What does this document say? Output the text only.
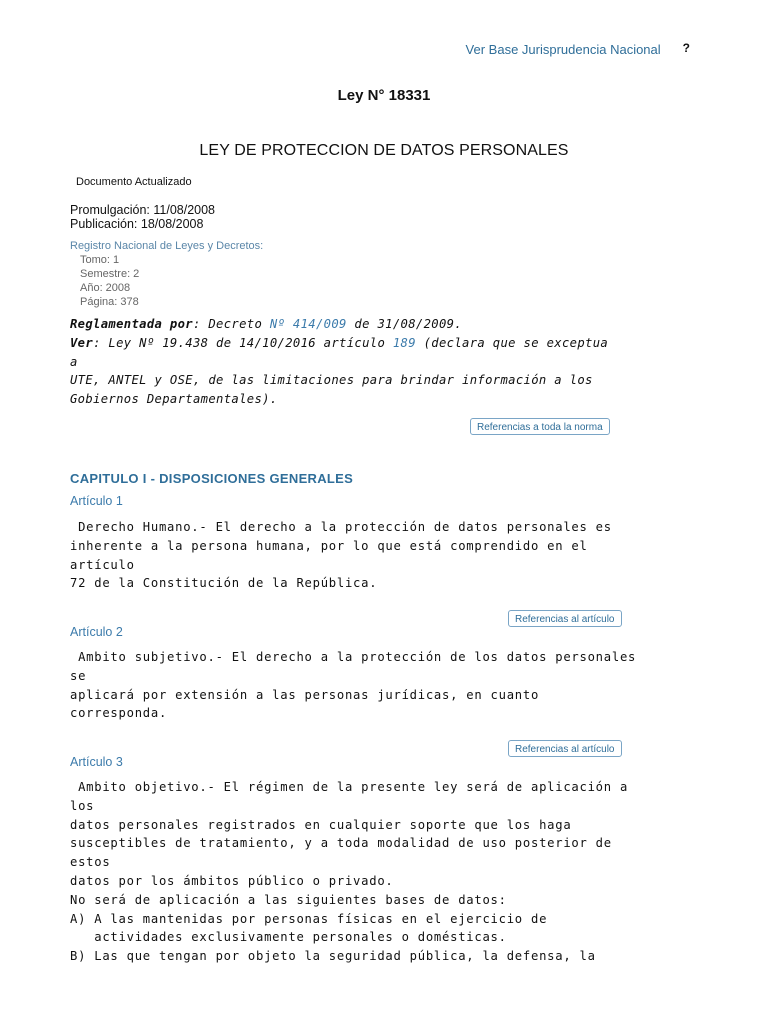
Ver Base Jurisprudencia Nacional ?
Ley N° 18331
LEY DE PROTECCION DE DATOS PERSONALES
Documento Actualizado
Promulgación: 11/08/2008
Publicación: 18/08/2008
Registro Nacional de Leyes y Decretos:
Tomo: 1
Semestre: 2
Año: 2008
Página: 378
Reglamentada por: Decreto Nº 414/009 de 31/08/2009.
Ver: Ley Nº 19.438 de 14/10/2016 artículo 189 (declara que se exceptua
a
UTE, ANTEL y OSE, de las limitaciones para brindar información a los
Gobiernos Departamentales).
Referencias a toda la norma
CAPITULO I - DISPOSICIONES GENERALES
Artículo 1
Derecho Humano.- El derecho a la protección de datos personales es
inherente a la persona humana, por lo que está comprendido en el
artículo
72 de la Constitución de la República.
Referencias al artículo
Artículo 2
Ambito subjetivo.- El derecho a la protección de los datos personales
se
aplicará por extensión a las personas jurídicas, en cuanto
corresponda.
Referencias al artículo
Artículo 3
Ambito objetivo.- El régimen de la presente ley será de aplicación a
los
datos personales registrados en cualquier soporte que los haga
susceptibles de tratamiento, y a toda modalidad de uso posterior de
estos
datos por los ámbitos público o privado.
No será de aplicación a las siguientes bases de datos:
A) A las mantenidas por personas físicas en el ejercicio de
actividades exclusivamente personales o domésticas.
B) Las que tengan por objeto la seguridad pública, la defensa, la
